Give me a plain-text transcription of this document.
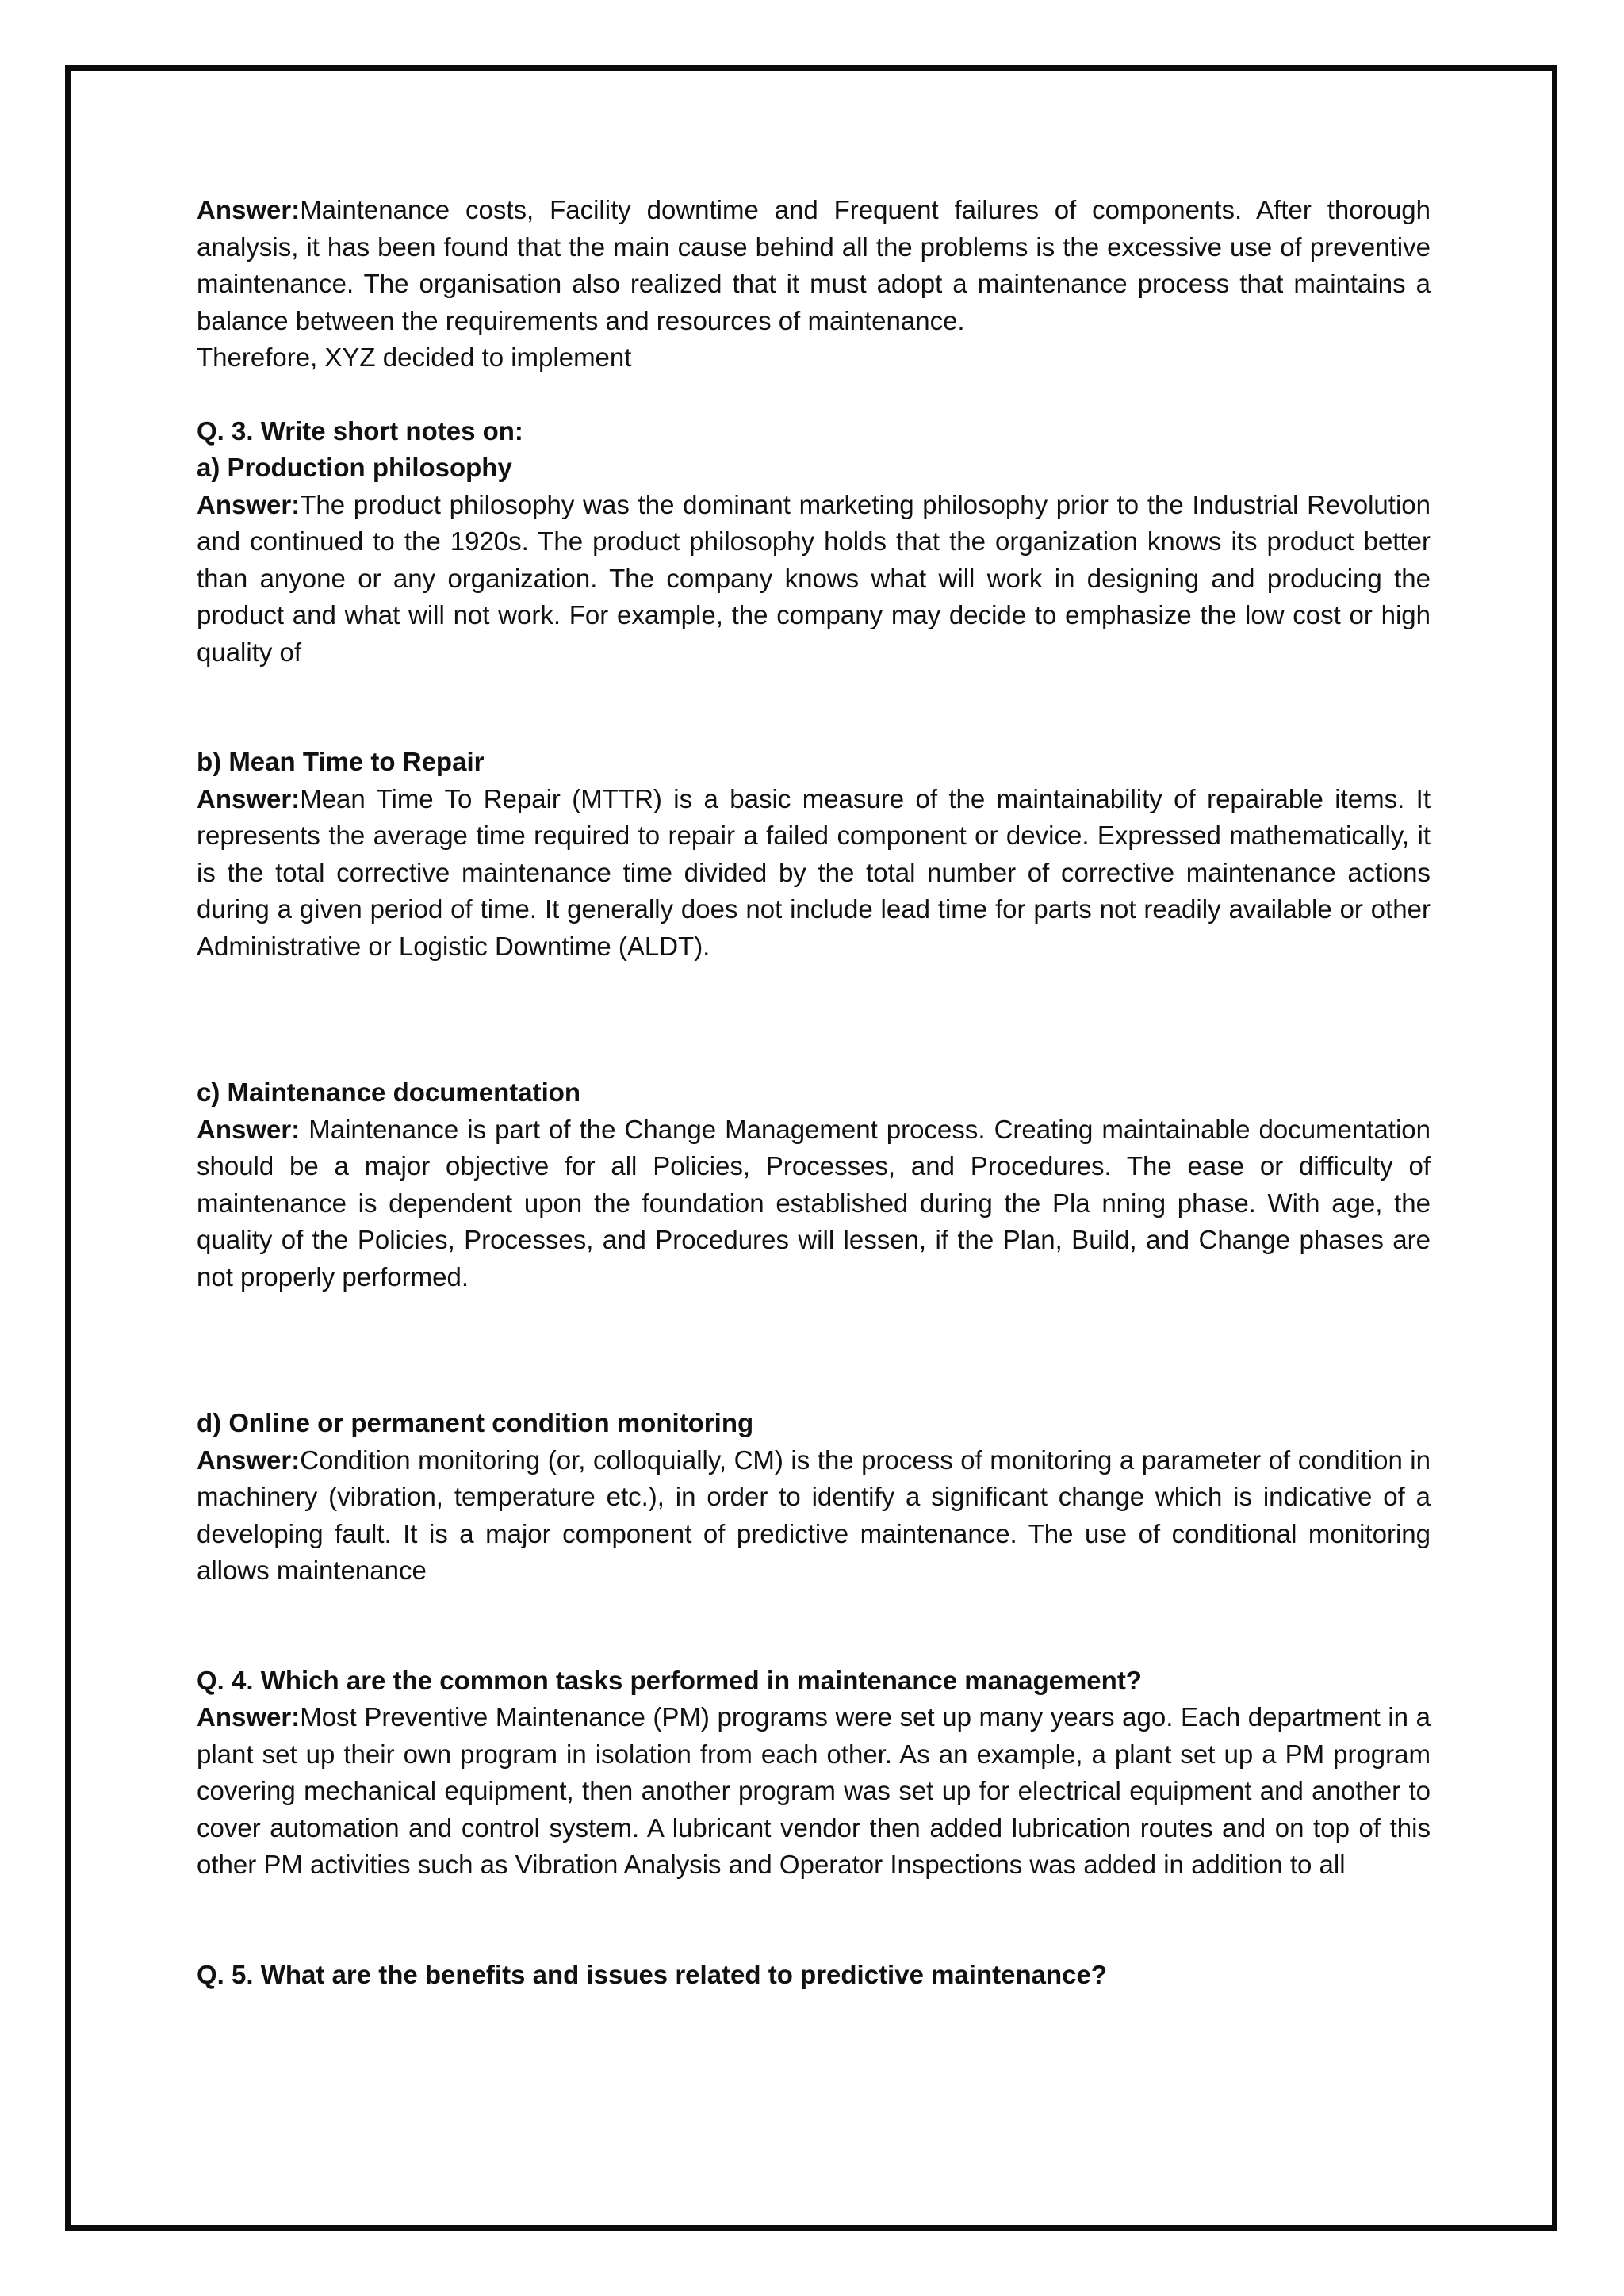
Answer:Maintenance costs, Facility downtime and Frequent failures of components. After thorough analysis, it has been found that the main cause behind all the problems is the excessive use of preventive maintenance. The organisation also realized that it must adopt a maintenance process that maintains a balance between the requirements and resources of maintenance.
Therefore, XYZ decided to implement

Q. 3. Write short notes on:

a) Production philosophy

Answer:The product philosophy was the dominant marketing philosophy prior to the Industrial Revolution and continued to the 1920s. The product philosophy holds that the organization knows its product better than anyone or any organization. The company knows what will work in designing and producing the product and what will not work. For example, the company may decide to emphasize the low cost or high quality of

b) Mean Time to Repair

Answer:Mean Time To Repair (MTTR) is a basic measure of the maintainability of repairable items. It represents the average time required to repair a failed component or device. Expressed mathematically, it is the total corrective maintenance time divided by the total number of corrective maintenance actions during a given period of time. It generally does not include lead time for parts not readily available or other Administrative or Logistic Downtime (ALDT).

c) Maintenance documentation

Answer: Maintenance is part of the Change Management process. Creating maintainable documentation should be a major objective for all Policies, Processes, and Procedures. The ease or difficulty of maintenance is dependent upon the foundation established during the Pla nning phase. With age, the quality of the Policies, Processes, and Procedures will lessen, if the Plan, Build, and Change phases are not properly performed.

d) Online or permanent condition monitoring

Answer:Condition monitoring (or, colloquially, CM) is the process of monitoring a parameter of condition in machinery (vibration, temperature etc.), in order to identify a significant change which is indicative of a developing fault. It is a major component of predictive maintenance. The use of conditional monitoring allows maintenance

Q. 4. Which are the common tasks performed in maintenance management?

Answer:Most Preventive Maintenance (PM) programs were set up many years ago. Each department in a plant set up their own program in isolation from each other. As an example, a plant set up a PM program covering mechanical equipment, then another program was set up for electrical equipment and another to cover automation and control system. A lubricant vendor then added lubrication routes and on top of this other PM activities such as Vibration Analysis and Operator Inspections was added in addition to all

Q. 5. What are the benefits and issues related to predictive maintenance?
